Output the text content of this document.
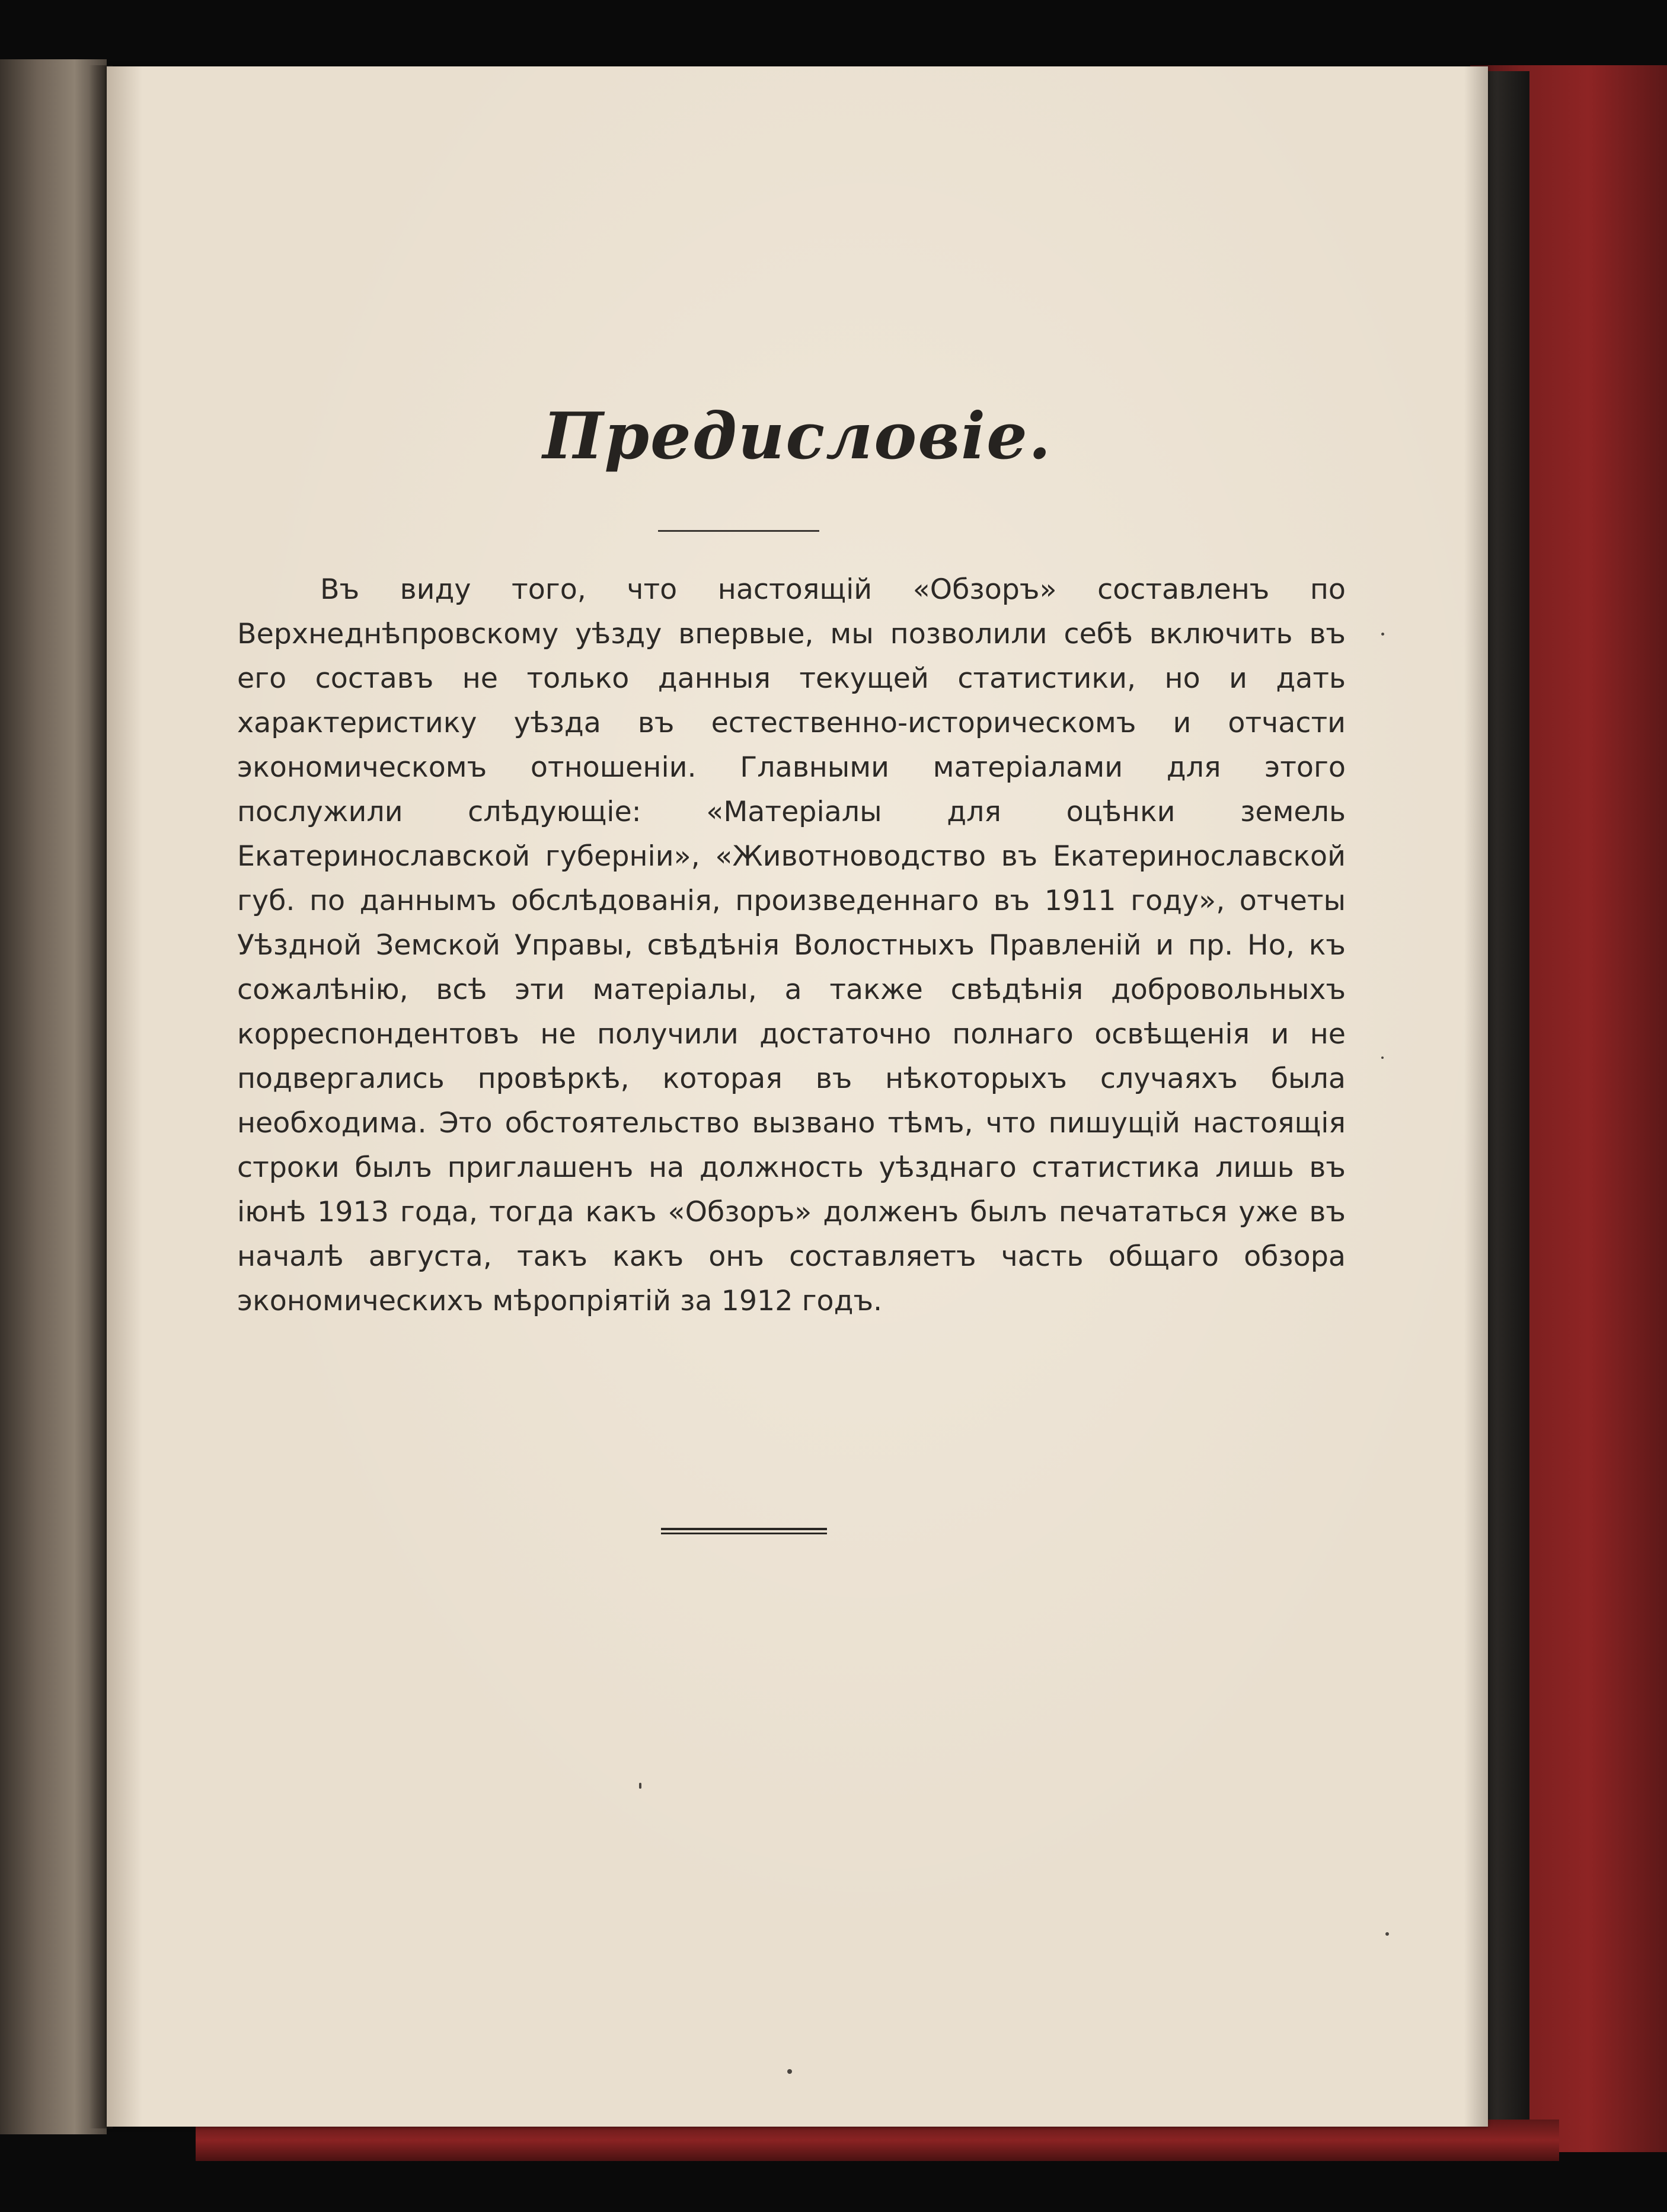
Предисловіе.

Въ виду того, что настоящій «Обзоръ» составленъ по Верхнеднѣпровскому уѣзду впервые, мы позволили себѣ включить въ его составъ не только данныя текущей статистики, но и дать характеристику уѣзда въ естественно-историческомъ и отчасти экономическомъ отношеніи. Главными матеріалами для этого послужили слѣдующіе: «Матеріалы для оцѣнки земель Екатеринославской губерніи», «Животноводство въ Екатеринославской губ. по даннымъ обслѣдованія, произведеннаго въ 1911 году», отчеты Уѣздной Земской Управы, свѣдѣнія Волостныхъ Правленій и пр. Но, къ сожалѣнію, всѣ эти матеріалы, а также свѣдѣнія добровольныхъ корреспондентовъ не получили достаточно полнаго освѣщенія и не подвергались провѣркѣ, которая въ нѣкоторыхъ случаяхъ была необходима. Это обстоятельство вызвано тѣмъ, что пишущій настоящія строки былъ приглашенъ на должность уѣзднаго статистика лишь въ іюнѣ 1913 года, тогда какъ «Обзоръ» долженъ былъ печататься уже въ началѣ августа, такъ какъ онъ составляетъ часть общаго обзора экономическихъ мѣропріятій за 1912 годъ.
